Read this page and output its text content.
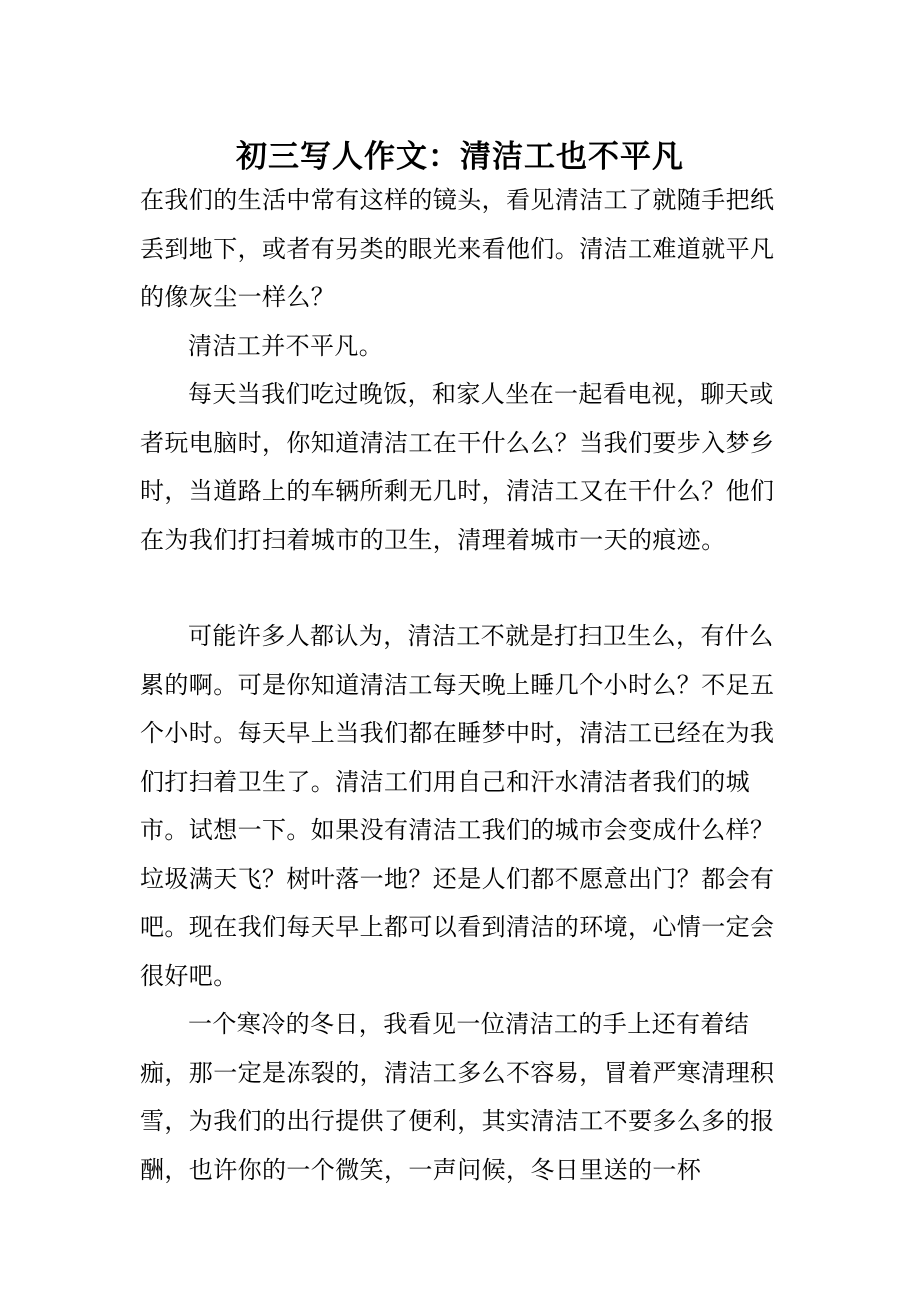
初三写人作文：清洁工也不平凡

在我们的生活中常有这样的镜头，看见清洁工了就随手把纸丢到地下，或者有另类的眼光来看他们。清洁工难道就平凡的像灰尘一样么？

清洁工并不平凡。

每天当我们吃过晚饭，和家人坐在一起看电视，聊天或者玩电脑时，你知道清洁工在干什么么？当我们要步入梦乡时，当道路上的车辆所剩无几时，清洁工又在干什么？他们在为我们打扫着城市的卫生，清理着城市一天的痕迹。

可能许多人都认为，清洁工不就是打扫卫生么，有什么累的啊。可是你知道清洁工每天晚上睡几个小时么？不足五个小时。每天早上当我们都在睡梦中时，清洁工已经在为我们打扫着卫生了。清洁工们用自己和汗水清洁者我们的城市。试想一下。如果没有清洁工我们的城市会变成什么样？垃圾满天飞？树叶落一地？还是人们都不愿意出门？都会有吧。现在我们每天早上都可以看到清洁的环境，心情一定会很好吧。

一个寒冷的冬日，我看见一位清洁工的手上还有着结痂，那一定是冻裂的，清洁工多么不容易，冒着严寒清理积雪，为我们的出行提供了便利，其实清洁工不要多么多的报酬，也许你的一个微笑，一声问候，冬日里送的一杯
